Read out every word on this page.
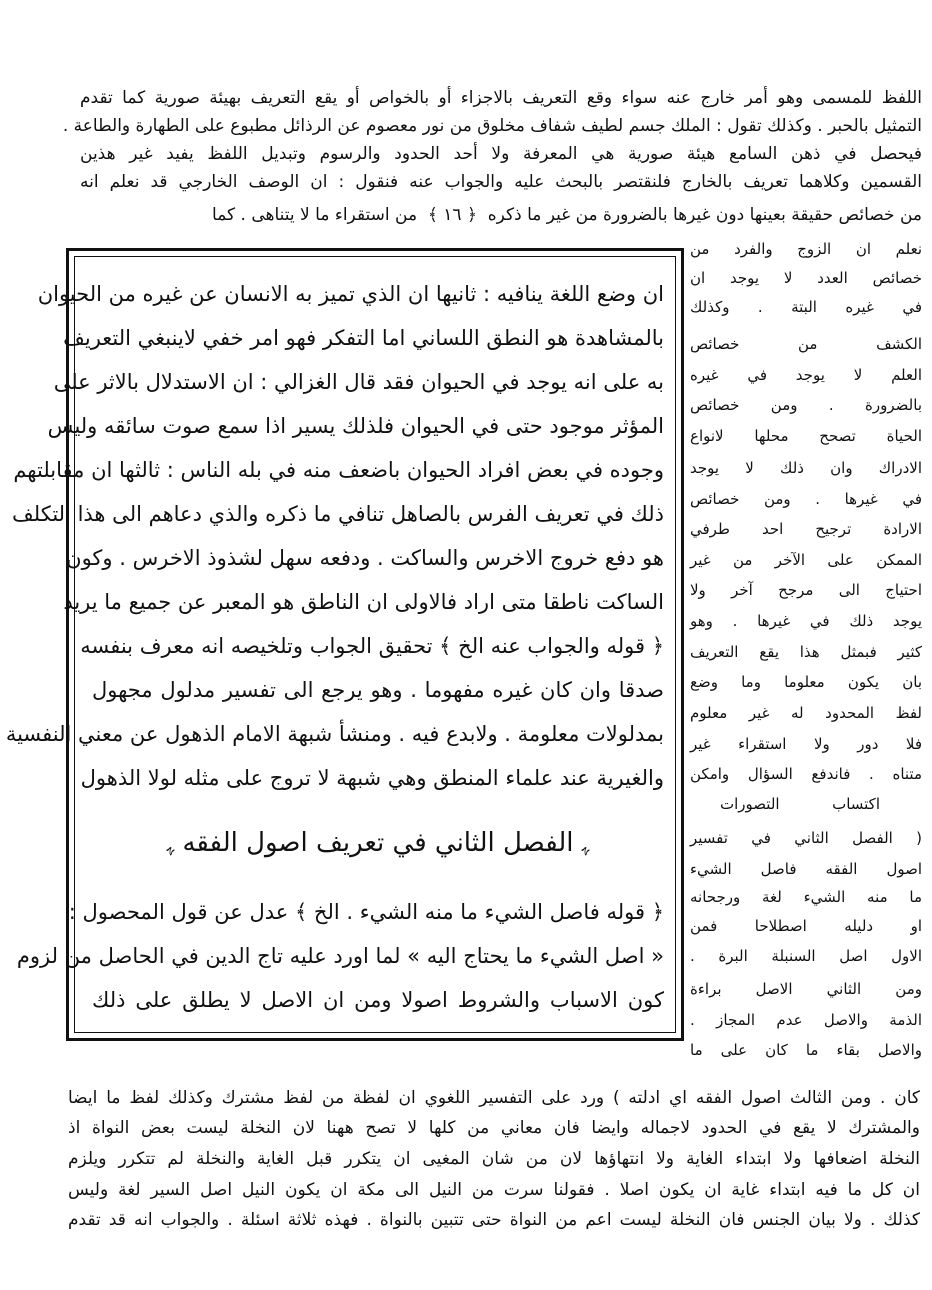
اللفظ للمسمى وهو أمر خارج عنه سواء وقع التعريف بالاجزاء أو بالخواص أو يقع التعريف بهيئة صورية كما تقدم
التمثيل بالحبر . وكذلك تقول : الملك جسم لطيف شفاف مخلوق من نور معصوم عن الرذائل مطبوع على الطهارة والطاعة .
فيحصل في ذهن السامع هيئة صورية هي المعرفة ولا أحد الحدود والرسوم وتبديل اللفظ يفيد غير هذين
القسمين وكلاهما تعريف بالخارج فلنقتصر بالبحث عليه والجواب عنه فنقول : ان الوصف الخارجي قد نعلم انه
من خصائص حقيقة بعينها دون غيرها بالضرورة من غير ما ذكره  ﴿ ١٦ ﴾  من استقراء ما لا يتناهى . كما
نعلم ان الزوج والفرد من
خصائص العدد لا يوجد ان
في غيره البتة . وكذلك
الكشف من خصائص
العلم لا يوجد في غيره
بالضرورة . ومن خصائص
الحياة تصحح محلها لانواع
الادراك وان ذلك لا يوجد
في غيرها . ومن خصائص
الارادة ترجيح احد طرفي
الممكن على الآخر من غير
احتياج الى مرجح آخر ولا
يوجد ذلك في غيرها . وهو
كثير فبمثل هذا يقع التعريف
بان يكون معلوما وما وضع
لفظ المحدود له غير معلوم
فلا دور ولا استقراء غير
متناه . فاندفع السؤال وامكن
اكتساب التصورات
( الفصل الثاني في تفسير
اصول الفقه فاصل الشيء
ما منه الشيء لغة ورجحانه
او دليله اصطلاحا فمن
الاول اصل السنبلة البرة .
ومن الثاني الاصل براءة
الذمة والاصل عدم المجاز .
والاصل بقاء ما كان على ما
ان وضع اللغة ينافيه : ثانيها ان الذي تميز به الانسان عن غيره من الحيوان
بالمشاهدة هو النطق اللساني اما التفكر فهو امر خفي لاينبغي التعريف
به على انه يوجد في الحيوان فقد قال الغزالي : ان الاستدلال بالاثر على
المؤثر موجود حتى في الحيوان فلذلك يسير اذا سمع صوت سائقه وليس
وجوده في بعض افراد الحيوان باضعف منه في بله الناس : ثالثها ان مقابلتهم
ذلك في تعريف الفرس بالصاهل تنافي ما ذكره والذي دعاهم الى هذا التكلف
هو دفع خروج الاخرس والساكت . ودفعه سهل لشذوذ الاخرس . وكون
الساكت ناطقا متى اراد فالاولى ان الناطق هو المعبر عن جميع ما يريد
﴿ قوله والجواب عنه الخ ﴾ تحقيق الجواب وتلخيصه انه معرف بنفسه
صدقا وان كان غيره مفهوما . وهو يرجع الى تفسير مدلول مجهول
بمدلولات معلومة . ولابدع فيه . ومنشأ شبهة الامام الذهول عن معني النفسية
والغيرية عند علماء المنطق وهي شبهة لا تروج على مثله لولا الذهول
ﮩ الفصل الثاني في تعريف اصول الفقه ﮩ
﴿ قوله فاصل الشيء ما منه الشيء . الخ ﴾ عدل عن قول المحصول :
« اصل الشيء ما يحتاج اليه » لما اورد عليه تاج الدين في الحاصل من لزوم
كون الاسباب والشروط اصولا ومن ان الاصل لا يطلق على ذلك
كان . ومن الثالث اصول الفقه اي ادلته ) ورد على التفسير اللغوي ان لفظة من لفظ مشترك وكذلك لفظ ما ايضا
والمشترك لا يقع في الحدود لاجماله وايضا فان معاني من كلها لا تصح ههنا لان النخلة ليست بعض النواة اذ
النخلة اضعافها ولا ابتداء الغاية ولا انتهاؤها لان من شان المغيى ان يتكرر قبل الغاية والنخلة لم تتكرر ويلزم
ان كل ما فيه ابتداء غاية ان يكون اصلا . فقولنا سرت من النيل الى مكة ان يكون النيل اصل السير لغة وليس
كذلك . ولا بيان الجنس فان النخلة ليست اعم من النواة حتى تتبين بالنواة . فهذه ثلاثة اسئلة . والجواب انه قد تقدم
